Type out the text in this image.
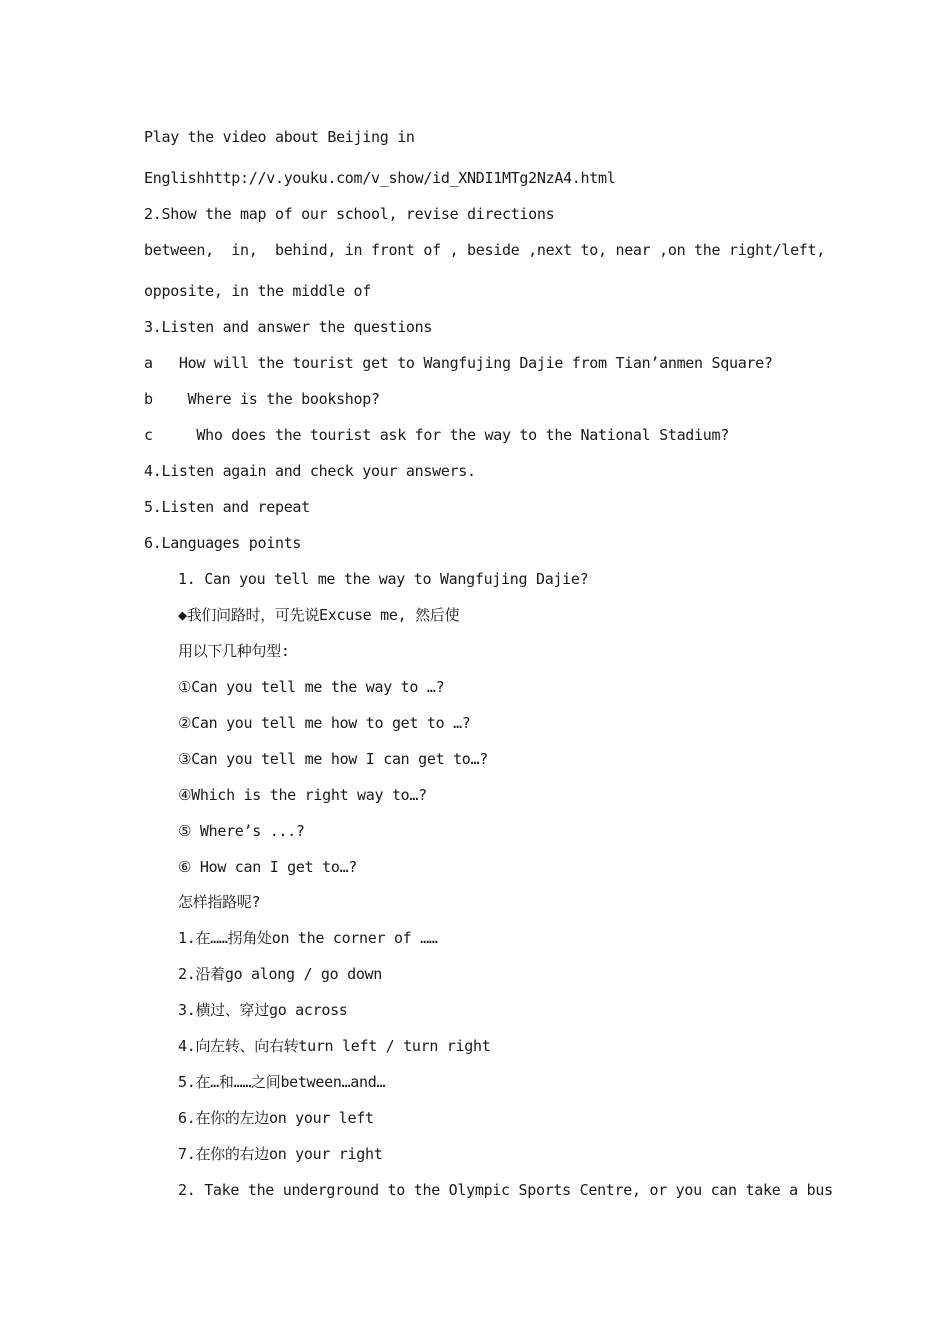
Play the video about Beijing in
Englishhttp://v.youku.com/v_show/id_XNDI1MTg2NzA4.html
2.Show the map of our school, revise directions
between,  in,  behind, in front of , beside ,next to, near ,on the right/left,
opposite, in the middle of
3.Listen and answer the questions
a   How will the tourist get to Wangfujing Dajie from Tian’anmen Square?
b    Where is the bookshop?
c     Who does the tourist ask for the way to the National Stadium?
4.Listen again and check your answers.
5.Listen and repeat
6.Languages points
1. Can you tell me the way to Wangfujing Dajie?
◆我们问路时，可先说Excuse me, 然后使
用以下几种句型:
①Can you tell me the way to …?
②Can you tell me how to get to …?
③Can you tell me how I can get to…?
④Which is the right way to…?
⑤ Where’s ...?
⑥ How can I get to…?
怎样指路呢?
1.在……拐角处on the corner of ……
2.沿着go along / go down
3.横过、穿过go across
4.向左转、向右转turn left / turn right
5.在…和……之间between…and…
6.在你的左边on your left
7.在你的右边on your right
2. Take the underground to the Olympic Sports Centre, or you can take a bus
